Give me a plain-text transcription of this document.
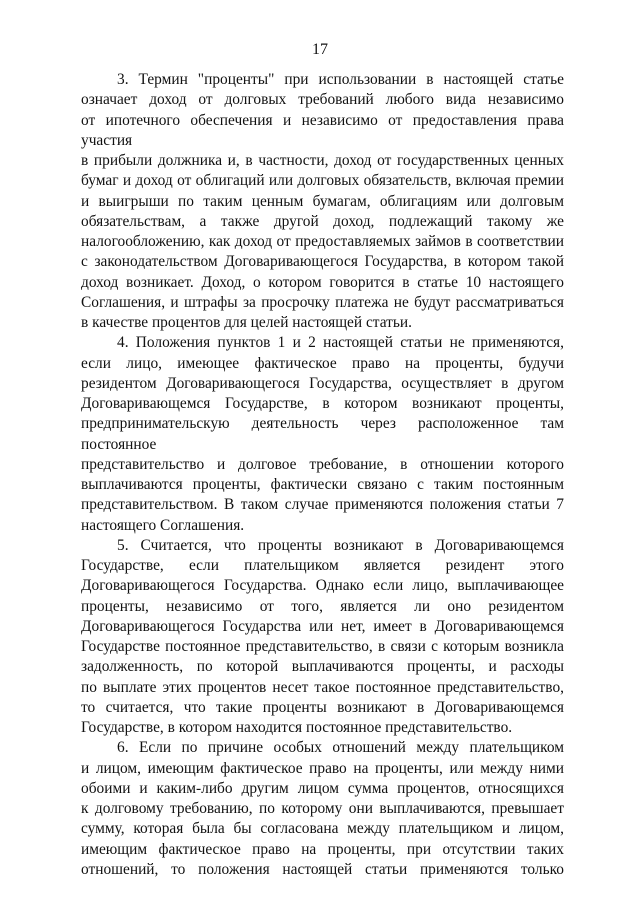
17
3. Термин "проценты" при использовании в настоящей статье
означает доход от долговых требований любого вида независимо
от ипотечного обеспечения и независимо от предоставления права участия
в прибыли должника и, в частности, доход от государственных ценных
бумаг и доход от облигаций или долговых обязательств, включая премии
и выигрыши по таким ценным бумагам, облигациям или долговым
обязательствам, а также другой доход, подлежащий такому же
налогообложению, как доход от предоставляемых займов в соответствии
с законодательством Договаривающегося Государства, в котором такой
доход возникает. Доход, о котором говорится в статье 10 настоящего
Соглашения, и штрафы за просрочку платежа не будут рассматриваться
в качестве процентов для целей настоящей статьи.
4. Положения пунктов 1 и 2 настоящей статьи не применяются,
если лицо, имеющее фактическое право на проценты, будучи
резидентом Договаривающегося Государства, осуществляет в другом
Договаривающемся Государстве, в котором возникают проценты,
предпринимательскую деятельность через расположенное там постоянное
представительство и долговое требование, в отношении которого
выплачиваются проценты, фактически связано с таким постоянным
представительством. В таком случае применяются положения статьи 7
настоящего Соглашения.
5. Считается, что проценты возникают в Договаривающемся
Государстве, если плательщиком является резидент этого
Договаривающегося Государства. Однако если лицо, выплачивающее
проценты, независимо от того, является ли оно резидентом
Договаривающегося Государства или нет, имеет в Договаривающемся
Государстве постоянное представительство, в связи с которым возникла
задолженность, по которой выплачиваются проценты, и расходы
по выплате этих процентов несет такое постоянное представительство,
то считается, что такие проценты возникают в Договаривающемся
Государстве, в котором находится постоянное представительство.
6. Если по причине особых отношений между плательщиком
и лицом, имеющим фактическое право на проценты, или между ними
обоими и каким-либо другим лицом сумма процентов, относящихся
к долговому требованию, по которому они выплачиваются, превышает
сумму, которая была бы согласована между плательщиком и лицом,
имеющим фактическое право на проценты, при отсутствии таких
отношений, то положения настоящей статьи применяются только
